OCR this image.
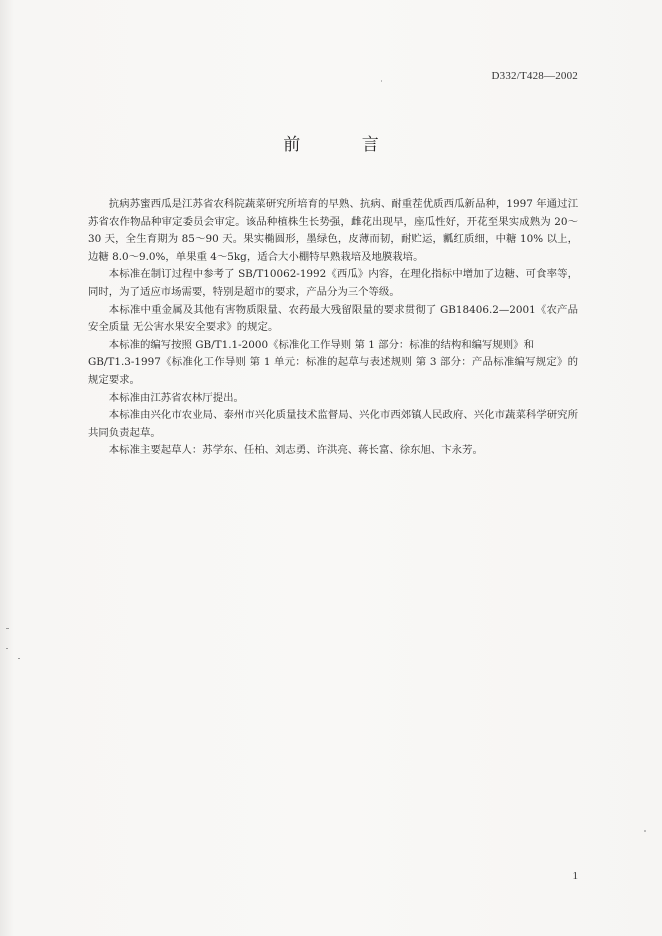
D332/T428—2002
前 言

抗病苏蜜西瓜是江苏省农科院蔬菜研究所培育的早熟、抗病、耐重茬优质西瓜新品种，1997 年通过江苏省农作物品种审定委员会审定。该品种植株生长势强，雌花出现早，座瓜性好，开花至果实成熟为 20～30 天，全生育期为 85～90 天。果实椭圆形，墨绿色，皮薄而韧，耐贮运，瓤红质细，中糖 10% 以上，边糖 8.0～9.0%，单果重 4～5kg，适合大小棚特早熟栽培及地膜栽培。

本标准在制订过程中参考了 SB/T10062-1992《西瓜》内容，在理化指标中增加了边糖、可食率等，同时，为了适应市场需要，特别是超市的要求，产品分为三个等级。

本标准中重金属及其他有害物质限量、农药最大残留限量的要求贯彻了 GB18406.2—2001《农产品安全质量 无公害水果安全要求》的规定。

本标准的编写按照 GB/T1.1-2000《标准化工作导则 第 1 部分：标准的结构和编写规则》和

GB/T1.3-1997《标准化工作导则 第 1 单元：标准的起草与表述规则 第 3 部分：产品标准编写规定》的规定要求。

本标准由江苏省农林厅提出。

本标准由兴化市农业局、泰州市兴化质量技术监督局、兴化市西郊镇人民政府、兴化市蔬菜科学研究所共同负责起草。

本标准主要起草人：苏学东、任柏、刘志勇、许洪亮、蒋长富、徐东旭、卞永芳。

1
